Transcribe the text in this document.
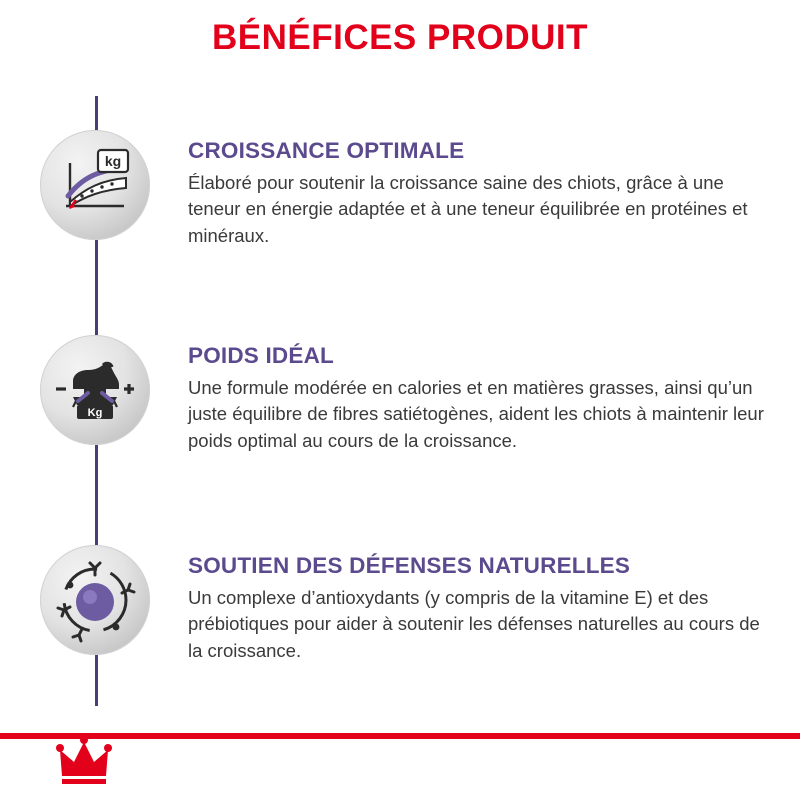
BÉNÉFICES PRODUIT
kg	CROISSANCE OPTIMALE

Élaboré pour soutenir la croissance saine des chiots, grâce à une teneur en énergie adaptée et à une teneur équilibrée en protéines et minéraux.

Kg

POIDS IDÉAL

Une formule modérée en calories et en matières grasses, ainsi qu’un juste équilibre de fibres satiétogènes, aident les chiots à maintenir leur poids optimal au cours de la croissance.

SOUTIEN DES DÉFENSES NATURELLES

Un complexe d’antioxydants (y compris de la vitamine E) et des prébiotiques pour aider à soutenir les défenses naturelles au cours de la croissance.
